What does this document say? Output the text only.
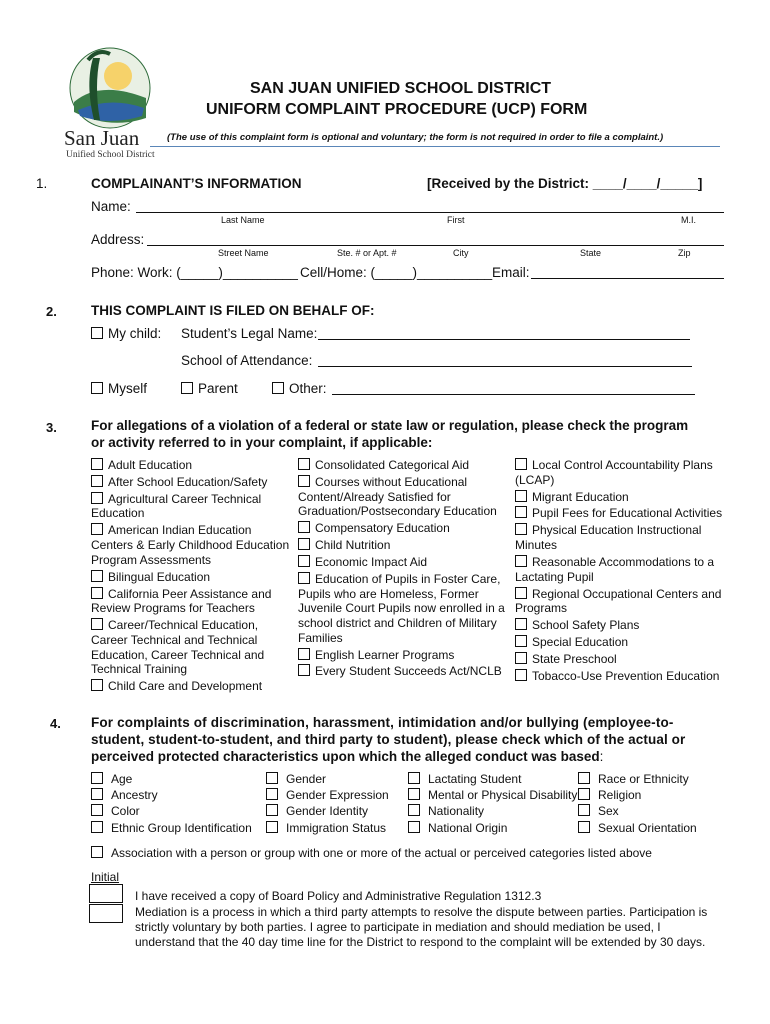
San Juan
Unified School District
SAN JUAN UNIFIED SCHOOL DISTRICT
UNIFORM COMPLAINT PROCEDURE (UCP) FORM
(The use of this complaint form is optional and voluntary; the form is not required in order to file a complaint.)
1.	COMPLAINANT’S INFORMATION	[Received by the District: ____/____/_____]
Name:
Last Name	First	M.I.
Address:
Street Name	Ste. # or Apt. #	City	State	Zip
Phone: Work: (_____)__________ Cell/Home: (_____)__________ Email:
2.	THIS COMPLAINT IS FILED ON BEHALF OF:
My child: Student’s Legal Name:
School of Attendance:
Myself	Parent	Other:
3.	For allegations of a violation of a federal or state law or regulation, please check the program
or activity referred to in your complaint, if applicable:
Adult Education
After School Education/Safety
Agricultural Career Technical
Education
American Indian Education
Centers & Early Childhood Education
Program Assessments
Bilingual Education
California Peer Assistance and
Review Programs for Teachers
Career/Technical Education,
Career Technical and Technical
Education, Career Technical and
Technical Training
Child Care and Development
Consolidated Categorical Aid
Courses without Educational
Content/Already Satisfied for
Graduation/Postsecondary Education
Compensatory Education
Child Nutrition
Economic Impact Aid
Education of Pupils in Foster Care,
Pupils who are Homeless, Former
Juvenile Court Pupils now enrolled in a
school district and Children of Military
Families
English Learner Programs
Every Student Succeeds Act/NCLB
Local Control Accountability Plans
(LCAP)
Migrant Education
Pupil Fees for Educational Activities
Physical Education Instructional
Minutes
Reasonable Accommodations to a
Lactating Pupil
Regional Occupational Centers and
Programs
School Safety Plans
Special Education
State Preschool
Tobacco-Use Prevention Education
4. For complaints of discrimination, harassment, intimidation and/or bullying (employee-to-
student, student-to-student, and third party to student), please check which of the actual or
perceived protected characteristics upon which the alleged conduct was based:
Age	Gender	Lactating Student	Race or Ethnicity
Ancestry	Gender Expression	Mental or Physical Disability	Religion
Color	Gender Identity	Nationality	Sex
Ethnic Group Identification	Immigration Status	National Origin	Sexual Orientation
Association with a person or group with one or more of the actual or perceived categories listed above
Initial
I have received a copy of Board Policy and Administrative Regulation 1312.3
Mediation is a process in which a third party attempts to resolve the dispute between parties. Participation is
strictly voluntary by both parties. I agree to participate in mediation and should mediation be used, I
understand that the 40 day time line for the District to respond to the complaint will be extended by 30 days.
